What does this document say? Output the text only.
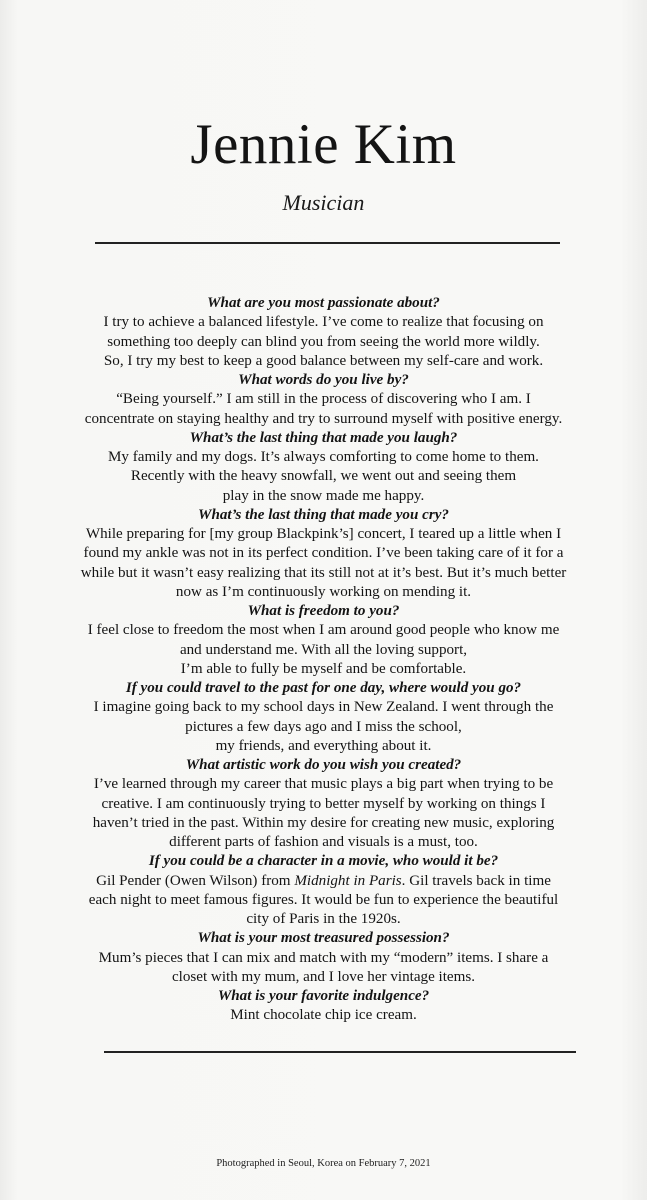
Jennie Kim
Musician
What are you most passionate about?
I try to achieve a balanced lifestyle. I’ve come to realize that focusing on
something too deeply can blind you from seeing the world more wildly.
So, I try my best to keep a good balance between my self-care and work.
What words do you live by?
“Being yourself.” I am still in the process of discovering who I am. I
concentrate on staying healthy and try to surround myself with positive energy.
What’s the last thing that made you laugh?
My family and my dogs. It’s always comforting to come home to them.
Recently with the heavy snowfall, we went out and seeing them
play in the snow made me happy.
What’s the last thing that made you cry?
While preparing for [my group Blackpink’s] concert, I teared up a little when I
found my ankle was not in its perfect condition. I’ve been taking care of it for a
while but it wasn’t easy realizing that its still not at it’s best. But it’s much better
now as I’m continuously working on mending it.
What is freedom to you?
I feel close to freedom the most when I am around good people who know me
and understand me. With all the loving support,
I’m able to fully be myself and be comfortable.
If you could travel to the past for one day, where would you go?
I imagine going back to my school days in New Zealand. I went through the
pictures a few days ago and I miss the school,
my friends, and everything about it.
What artistic work do you wish you created?
I’ve learned through my career that music plays a big part when trying to be
creative. I am continuously trying to better myself by working on things I
haven’t tried in the past. Within my desire for creating new music, exploring
different parts of fashion and visuals is a must, too.
If you could be a character in a movie, who would it be?
Gil Pender (Owen Wilson) from Midnight in Paris. Gil travels back in time
each night to meet famous figures. It would be fun to experience the beautiful
city of Paris in the 1920s.
What is your most treasured possession?
Mum’s pieces that I can mix and match with my “modern” items. I share a
closet with my mum, and I love her vintage items.
What is your favorite indulgence?
Mint chocolate chip ice cream.
Photographed in Seoul, Korea on February 7, 2021
